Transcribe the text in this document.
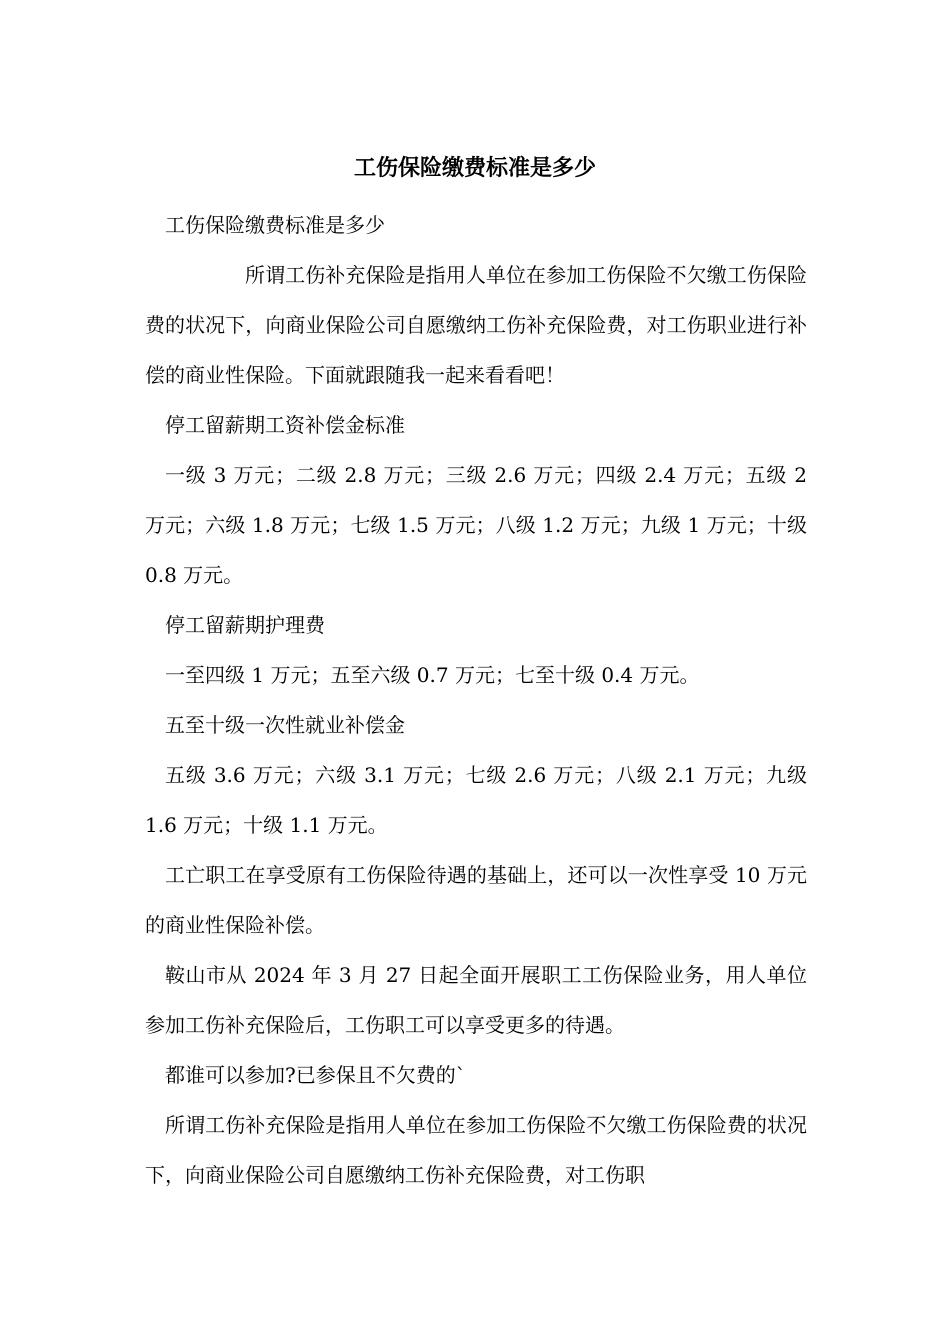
工伤保险缴费标准是多少

工伤保险缴费标准是多少

所谓工伤补充保险是指用人单位在参加工伤保险不欠缴工伤保险费的状况下，向商业保险公司自愿缴纳工伤补充保险费，对工伤职业进行补偿的商业性保险。下面就跟随我一起来看看吧！

停工留薪期工资补偿金标准

一级 3 万元；二级 2.8 万元；三级 2.6 万元；四级 2.4 万元；五级 2 万元；六级 1.8 万元；七级 1.5 万元；八级 1.2 万元；九级 1 万元；十级 0.8 万元。

停工留薪期护理费

一至四级 1 万元；五至六级 0.7 万元；七至十级 0.4 万元。

五至十级一次性就业补偿金

五级 3.6 万元；六级 3.1 万元；七级 2.6 万元；八级 2.1 万元；九级 1.6 万元；十级 1.1 万元。

工亡职工在享受原有工伤保险待遇的基础上，还可以一次性享受 10 万元的商业性保险补偿。

鞍山市从 2024 年 3 月 27 日起全面开展职工工伤保险业务，用人单位参加工伤补充保险后，工伤职工可以享受更多的待遇。

都谁可以参加?已参保且不欠费的`

所谓工伤补充保险是指用人单位在参加工伤保险不欠缴工伤保险费的状况下，向商业保险公司自愿缴纳工伤补充保险费，对工伤职
